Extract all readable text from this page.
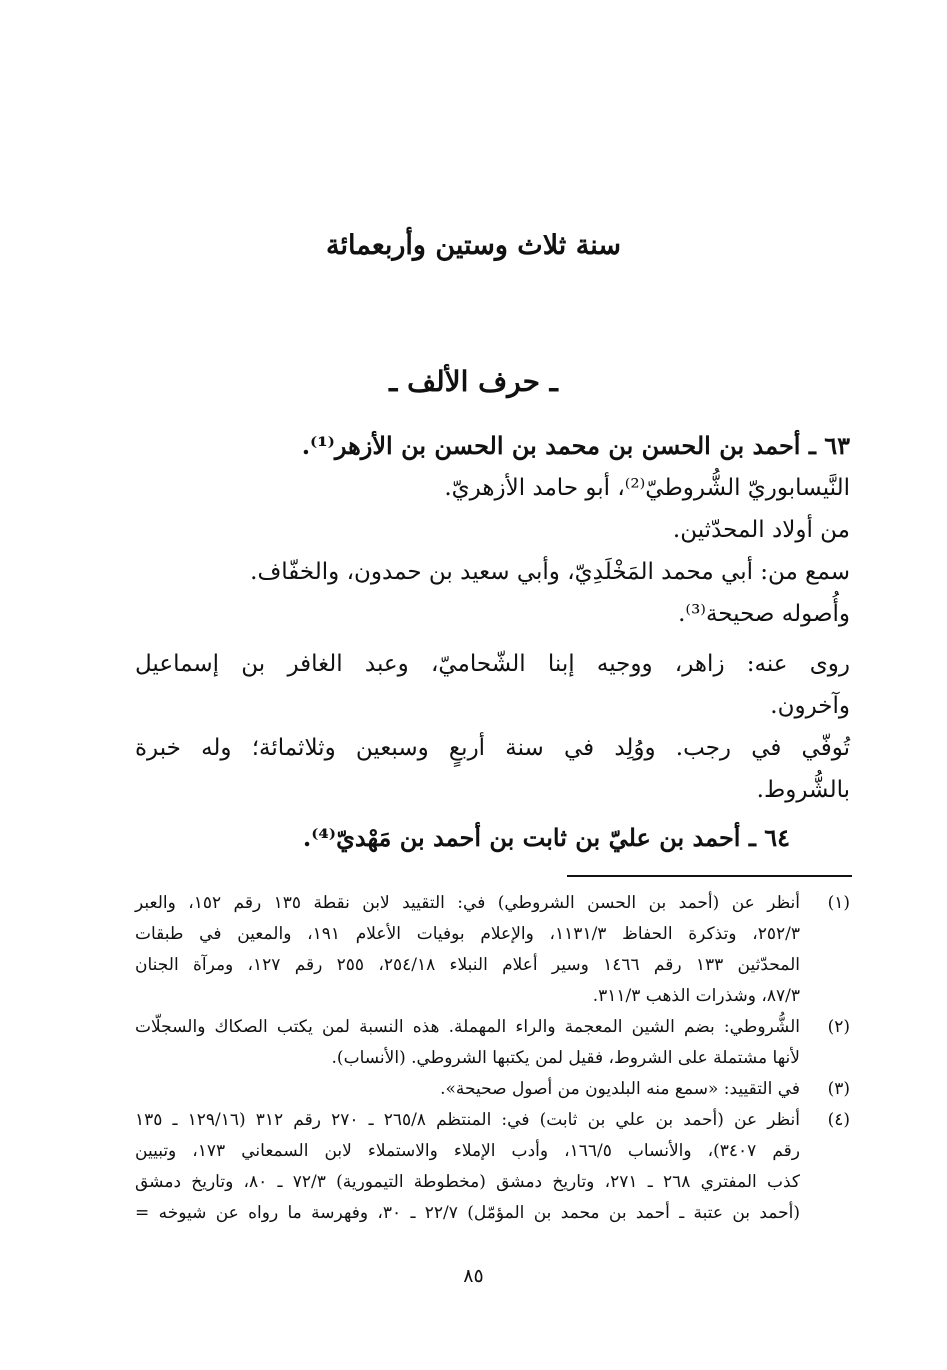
سنة ثلاث وستين وأربعمائة
ـ حرف الألف ـ
٦٣ ـ أحمد بن الحسن بن محمد بن الحسن بن الأزهر⁽¹⁾.
النَّيسابوريّ الشُّروطيّ⁽²⁾، أبو حامد الأزهريّ.
من أولاد المحدّثين.
سمع من: أبي محمد المَخْلَدِيّ، وأبي سعيد بن حمدون، والخفّاف.
وأُصوله صحيحة⁽³⁾.
روى عنه: زاهر، ووجيه إبنا الشّحاميّ، وعبد الغافر بن إسماعيل
وآخرون.
تُوفّي في رجب. ووُلِد في سنة أربعٍ وسبعين وثلاثمائة؛ وله خبرة
بالشُّروط.
٦٤ ـ أحمد بن عليّ بن ثابت بن أحمد بن مَهْديّ⁽⁴⁾.
(١)
أنظر عن (أحمد بن الحسن الشروطي) في: التقييد لابن نقطة ١٣٥ رقم ١٥٢، والعبر
٢٥٢/٣، وتذكرة الحفاظ ١١٣١/٣، والإعلام بوفيات الأعلام ١٩١، والمعين في طبقات
المحدّثين ١٣٣ رقم ١٤٦٦ وسير أعلام النبلاء ٢٥٤/١٨، ٢٥٥ رقم ١٢٧، ومرآة الجنان
٨٧/٣، وشذرات الذهب ٣١١/٣.
(٢)
الشُّروطي: بضم الشين المعجمة والراء المهملة. هذه النسبة لمن يكتب الصكاك والسجلّات
لأنها مشتملة على الشروط، فقيل لمن يكتبها الشروطي. (الأنساب).
(٣)
في التقييد: «سمع منه البلديون من أصول صحيحة».
(٤)
أنظر عن (أحمد بن علي بن ثابت) في: المنتظم ٢٦٥/٨ ـ ٢٧٠ رقم ٣١٢ (١٢٩/١٦ ـ ١٣٥
رقم ٣٤٠٧)، والأنساب ١٦٦/٥، وأدب الإملاء والاستملاء لابن السمعاني ١٧٣، وتبيين
كذب المفتري ٢٦٨ ـ ٢٧١، وتاريخ دمشق (مخطوطة التيمورية) ٧٢/٣ ـ ٨٠، وتاريخ دمشق
(أحمد بن عتبة ـ أحمد بن محمد بن المؤمّل) ٢٢/٧ ـ ٣٠، وفهرسة ما رواه عن شيوخه =
٨٥
